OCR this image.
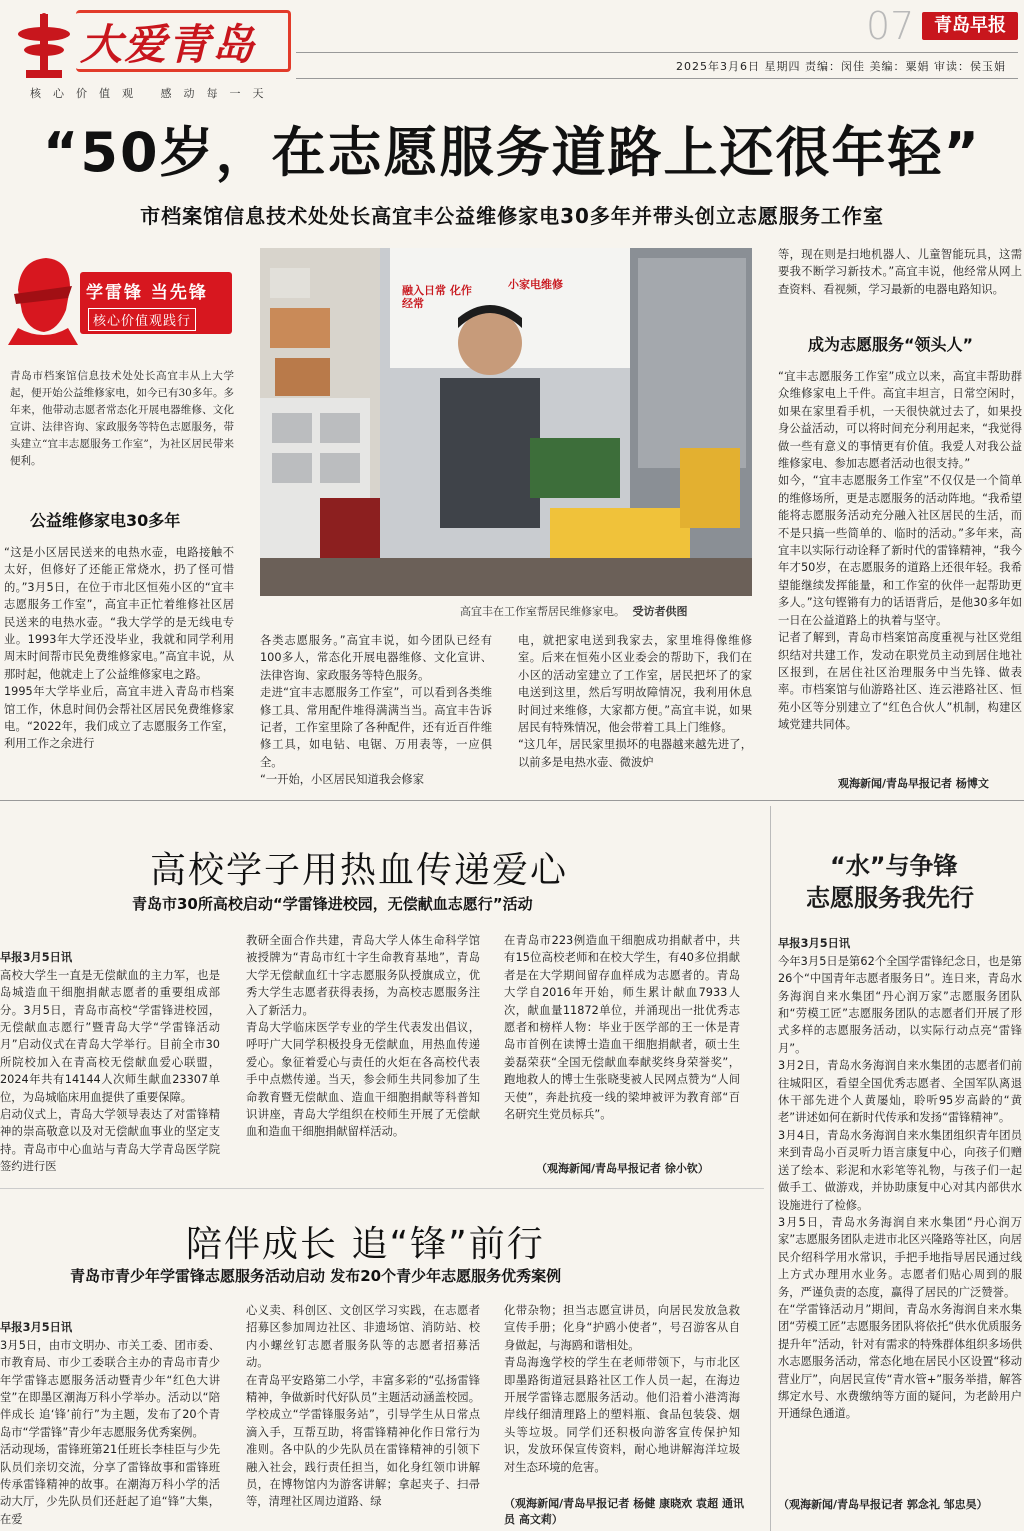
大爱青岛
核心价值观 感动每一天
07	青岛早报
2025年3月6日 星期四 责编：闵佳 美编：粟娟 审读：侯玉娟
“50岁，在志愿服务道路上还很年轻”
市档案馆信息技术处处长高宜丰公益维修家电30多年并带头创立志愿服务工作室
学雷锋 当先锋
核心价值观践行
青岛市档案馆信息技术处处长高宜丰从上大学起，便开始公益维修家电，如今已有30多年。多年来，他带动志愿者常态化开展电器维修、文化宣讲、法律咨询、家政服务等特色志愿服务，带头建立“宜丰志愿服务工作室”，为社区居民带来便利。
公益维修家电30多年
“这是小区居民送来的电热水壶，电路接触不太好，但修好了还能正常烧水，扔了怪可惜的。”3月5日，在位于市北区恒苑小区的“宜丰志愿服务工作室”，高宜丰正忙着维修社区居民送来的电热水壶。“我大学学的是无线电专业。1993年大学还没毕业，我就和同学利用周末时间帮市民免费维修家电。”高宜丰说，从那时起，他就走上了公益维修家电之路。
1995年大学毕业后，高宜丰进入青岛市档案馆工作，休息时间仍会帮社区居民免费维修家电。“2022年，我们成立了志愿服务工作室，利用工作之余进行
融入日常 化作经常
小家电维修
高宜丰在工作室帮居民维修家电。 受访者供图
各类志愿服务。”高宜丰说，如今团队已经有100多人，常态化开展电器维修、文化宣讲、法律咨询、家政服务等特色服务。
走进“宜丰志愿服务工作室”，可以看到各类维修工具、常用配件堆得满满当当。高宜丰告诉记者，工作室里除了各种配件，还有近百件维修工具，如电钻、电锯、万用表等，一应俱全。
“一开始，小区居民知道我会修家
电，就把家电送到我家去，家里堆得像维修室。后来在恒苑小区业委会的帮助下，我们在小区的活动室建立了工作室，居民把坏了的家电送到这里，然后写明故障情况，我利用休息时间过来维修，大家都方便。”高宜丰说，如果居民有特殊情况，他会带着工具上门维修。
“这几年，居民家里损坏的电器越来越先进了，以前多是电热水壶、微波炉
等，现在则是扫地机器人、儿童智能玩具，这需要我不断学习新技术。”高宜丰说，他经常从网上查资料、看视频，学习最新的电器电路知识。
成为志愿服务“领头人”
“宜丰志愿服务工作室”成立以来，高宜丰帮助群众维修家电上千件。高宜丰坦言，日常空闲时，如果在家里看手机，一天很快就过去了，如果投身公益活动，可以将时间充分利用起来，“我觉得做一些有意义的事情更有价值。我爱人对我公益维修家电、参加志愿者活动也很支持。”
如今，“宜丰志愿服务工作室”不仅仅是一个简单的维修场所，更是志愿服务的活动阵地。“我希望能将志愿服务活动充分融入社区居民的生活，而不是只搞一些简单的、临时的活动。”多年来，高宜丰以实际行动诠释了新时代的雷锋精神，“我今年才50岁，在志愿服务的道路上还很年轻。我希望能继续发挥能量，和工作室的伙伴一起帮助更多人。”这句铿锵有力的话语背后，是他30多年如一日在公益道路上的执着与坚守。
记者了解到，青岛市档案馆高度重视与社区党组织结对共建工作，发动在职党员主动到居住地社区报到，在居住社区治理服务中当先锋、做表率。市档案馆与仙游路社区、连云港路社区、恒苑小区等分别建立了“红色合伙人”机制，构建区域党建共同体。
观海新闻/青岛早报记者 杨博文
高校学子用热血传递爱心
青岛市30所高校启动“学雷锋进校园，无偿献血志愿行”活动

早报3月5日讯
高校大学生一直是无偿献血的主力军，也是岛城造血干细胞捐献志愿者的重要组成部分。3月5日，青岛市高校“学雷锋进校园，无偿献血志愿行”暨青岛大学“学雷锋活动月”启动仪式在青岛大学举行。目前全市30所院校加入在青高校无偿献血爱心联盟，2024年共有14144人次师生献血23307单位，为岛城临床用血提供了重要保障。
启动仪式上，青岛大学领导表达了对雷锋精神的崇高敬意以及对无偿献血事业的坚定支持。青岛市中心血站与青岛大学青岛医学院签约进行医

教研全面合作共建，青岛大学人体生命科学馆被授牌为“青岛市红十字生命教育基地”，青岛大学无偿献血红十字志愿服务队授旗成立，优秀大学生志愿者获得表扬，为高校志愿服务注入了新活力。
青岛大学临床医学专业的学生代表发出倡议，呼吁广大同学积极投身无偿献血，用热血传递爱心。象征着爱心与责任的火炬在各高校代表手中点燃传递。当天，参会师生共同参加了生命教育暨无偿献血、造血干细胞捐献等科普知识讲座，青岛大学组织在校师生开展了无偿献血和造血干细胞捐献留样活动。
在青岛市223例造血干细胞成功捐献者中，共有15位高校老师和在校大学生，有40多位捐献者是在大学期间留存血样成为志愿者的。青岛大学自2016年开始，师生累计献血7933人次，献血量11872单位，并涌现出一批优秀志愿者和榜样人物：毕业于医学部的王一休是青岛市首例在读博士造血干细胞捐献者，硕士生姜磊荣获“全国无偿献血奉献奖终身荣誉奖”，跑地救人的博士生张晓斐被人民网点赞为“人间天使”，奔赴抗疫一线的梁坤被评为教育部“百名研究生党员标兵”。
（观海新闻/青岛早报记者 徐小钦）
陪伴成长 追“锋”前行
青岛市青少年学雷锋志愿服务活动启动 发布20个青少年志愿服务优秀案例

早报3月5日讯
3月5日，由市文明办、市关工委、团市委、市教育局、市少工委联合主办的青岛市青少年学雷锋志愿服务活动暨青少年“红色大讲堂”在即墨区潮海万科小学举办。活动以“陪伴成长 追‘锋’前行”为主题，发布了20个青岛市“学雷锋”青少年志愿服务优秀案例。
活动现场，雷锋班第21任班长李桂臣与少先队员们亲切交流，分享了雷锋故事和雷锋班传承雷锋精神的故事。在潮海万科小学的活动大厅，少先队员们还赶起了追“锋”大集，在爱

心义卖、科创区、文创区学习实践，在志愿者招募区参加周边社区、非遗场馆、消防站、校内小螺丝钉志愿者服务队等的志愿者招募活动。
在青岛平安路第二小学，丰富多彩的“弘扬雷锋精神，争做新时代好队员”主题活动涵盖校园。学校成立“学雷锋服务站”，引导学生从日常点滴入手，互帮互助，将雷锋精神化作日常行为准则。各中队的少先队员在雷锋精神的引领下融入社会，践行责任担当，如化身红领巾讲解员，在博物馆内为游客讲解；拿起夹子、扫帚等，清理社区周边道路、绿
化带杂物；担当志愿宣讲员，向居民发放急救宣传手册；化身“护鸥小使者”，号召游客从自身做起，与海鸥和谐相处。
青岛海逸学校的学生在老师带领下，与市北区即墨路街道冠县路社区工作人员一起，在海边开展学雷锋志愿服务活动。他们沿着小港湾海岸线仔细清理路上的塑料瓶、食品包装袋、烟头等垃圾。同学们还积极向游客宣传保护知识，发放环保宣传资料，耐心地讲解海洋垃圾对生态环境的危害。
（观海新闻/青岛早报记者 杨健 康晓欢 袁超 通讯员 高文莉）
“水”与争锋
志愿服务我先行

早报3月5日讯
今年3月5日是第62个全国学雷锋纪念日，也是第26个“中国青年志愿者服务日”。连日来，青岛水务海润自来水集团“丹心润万家”志愿服务团队和“劳模工匠”志愿服务团队的志愿者们开展了形式多样的志愿服务活动，以实际行动点亮“雷锋月”。
3月2日，青岛水务海润自来水集团的志愿者们前往城阳区，看望全国优秀志愿者、全国军队离退休干部先进个人黄屡灿，聆听95岁高龄的“黄老”讲述如何在新时代传承和发扬“雷锋精神”。
3月4日，青岛水务海润自来水集团组织青年团员来到青岛小百灵听力语言康复中心，向孩子们赠送了绘本、彩泥和水彩笔等礼物，与孩子们一起做手工、做游戏，并协助康复中心对其内部供水设施进行了检修。
3月5日，青岛水务海润自来水集团“丹心润万家”志愿服务团队走进市北区兴隆路等社区，向居民介绍科学用水常识，手把手地指导居民通过线上方式办理用水业务。志愿者们贴心周到的服务，严谨负责的态度，赢得了居民的广泛赞誉。
在“学雷锋活动月”期间，青岛水务海润自来水集团“劳模工匠”志愿服务团队将依托“供水优质服务提升年”活动，针对有需求的特殊群体组织多场供水志愿服务活动，常态化地在居民小区设置“移动营业厅”，向居民宣传“青水管+”服务举措，解答绑定水号、水费缴纳等方面的疑问，为老龄用户开通绿色通道。

（观海新闻/青岛早报记者 郭念礼 邹忠昊）
